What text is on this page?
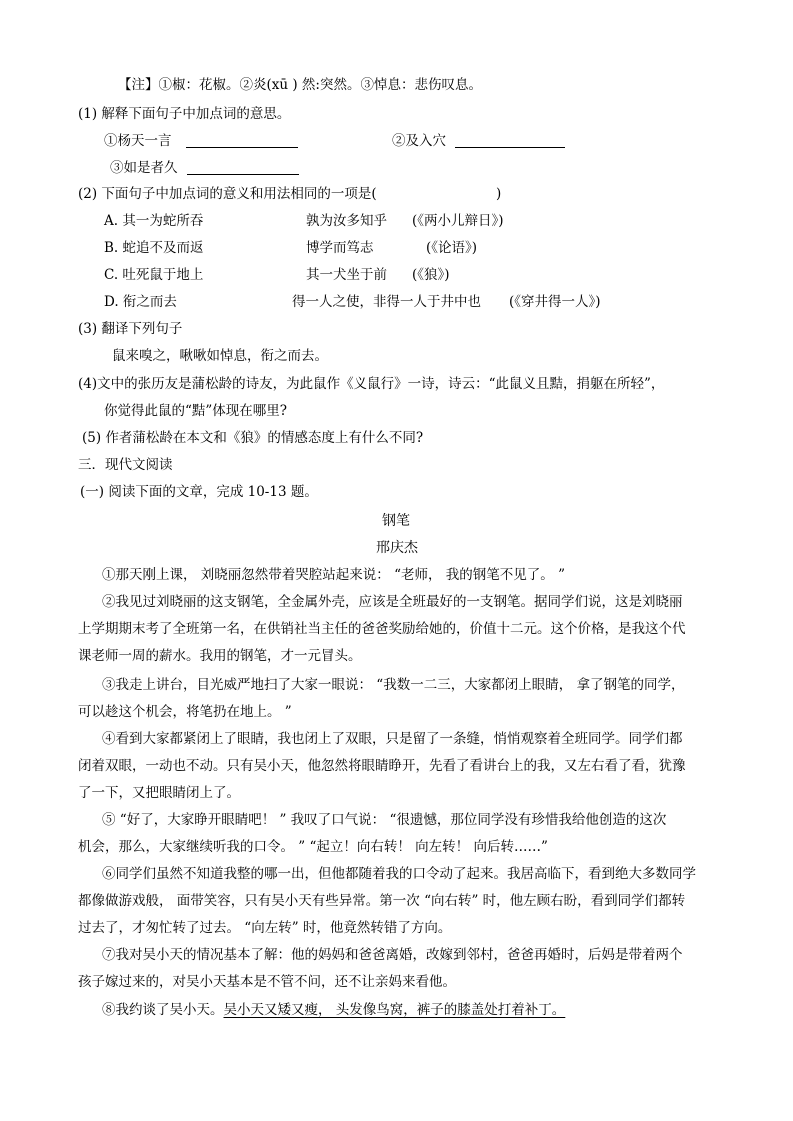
【注】①椒：花椒。②炎(xū ) 然:突然。③悼息：悲伤叹息。
(1) 解释下面句子中加点词的意思。
①杨天一言	②及入穴
③如是者久
(2) 下面句子中加点词的意义和用法相同的一项是(	)
A. 其一为蛇所吞	孰为汝多知乎 (《两小儿辩日》)
B. 蛇追不及而返	博学而笃志	(《论语》)
C. 吐死鼠于地上	其一犬坐于前 (《狼》)
D. 衔之而去	得一人之使，非得一人于井中也 (《穿井得一人》)
(3) 翻译下列句子
鼠来嗅之，啾啾如悼息，衔之而去。
(4)文中的张历友是蒲松龄的诗友，为此鼠作《义鼠行》一诗，诗云：“此鼠义且黠，捐躯在所轻”，
你觉得此鼠的“黠”体现在哪里?
(5) 作者蒲松龄在本文和《狼》的情感态度上有什么不同?
三．现代文阅读
(一) 阅读下面的文章，完成 10-13 题。
钢笔
邢庆杰
①那天刚上课， 刘晓丽忽然带着哭腔站起来说： “老师， 我的钢笔不见了。 ”
②我见过刘晓丽的这支钢笔，全金属外壳，应该是全班最好的一支钢笔。据同学们说，这是刘晓丽
上学期期末考了全班第一名，在供销社当主任的爸爸奖励给她的，价值十二元。这个价格，是我这个代
课老师一周的薪水。我用的钢笔，才一元冒头。
③我走上讲台，目光威严地扫了大家一眼说： “我数一二三，大家都闭上眼睛， 拿了钢笔的同学，
可以趁这个机会，将笔扔在地上。 ”
④看到大家都紧闭上了眼睛，我也闭上了双眼，只是留了一条缝，悄悄观察着全班同学。同学们都
闭着双眼，一动也不动。只有吴小天，他忽然将眼睛睁开，先看了看讲台上的我，又左右看了看，犹豫
了一下，又把眼睛闭上了。
⑤ “好了，大家睁开眼睛吧！ ” 我叹了口气说： “很遗憾，那位同学没有珍惜我给他创造的这次
机会，那么，大家继续听我的口令。 ” “起立！向右转！ 向左转！ 向后转……”
⑥同学们虽然不知道我整的哪一出，但他都随着我的口令动了起来。我居高临下，看到绝大多数同学
都像做游戏般， 面带笑容，只有吴小天有些异常。第一次 “向右转” 时，他左顾右盼，看到同学们都转
过去了，才匆忙转了过去。 “向左转” 时，他竟然转错了方向。
⑦我对吴小天的情况基本了解：他的妈妈和爸爸离婚，改嫁到邻村，爸爸再婚时，后妈是带着两个
孩子嫁过来的，对吴小天基本是不管不问，还不让亲妈来看他。
⑧我约谈了吴小天。吴小天又矮又瘦， 头发像鸟窝，裤子的膝盖处打着补丁。
